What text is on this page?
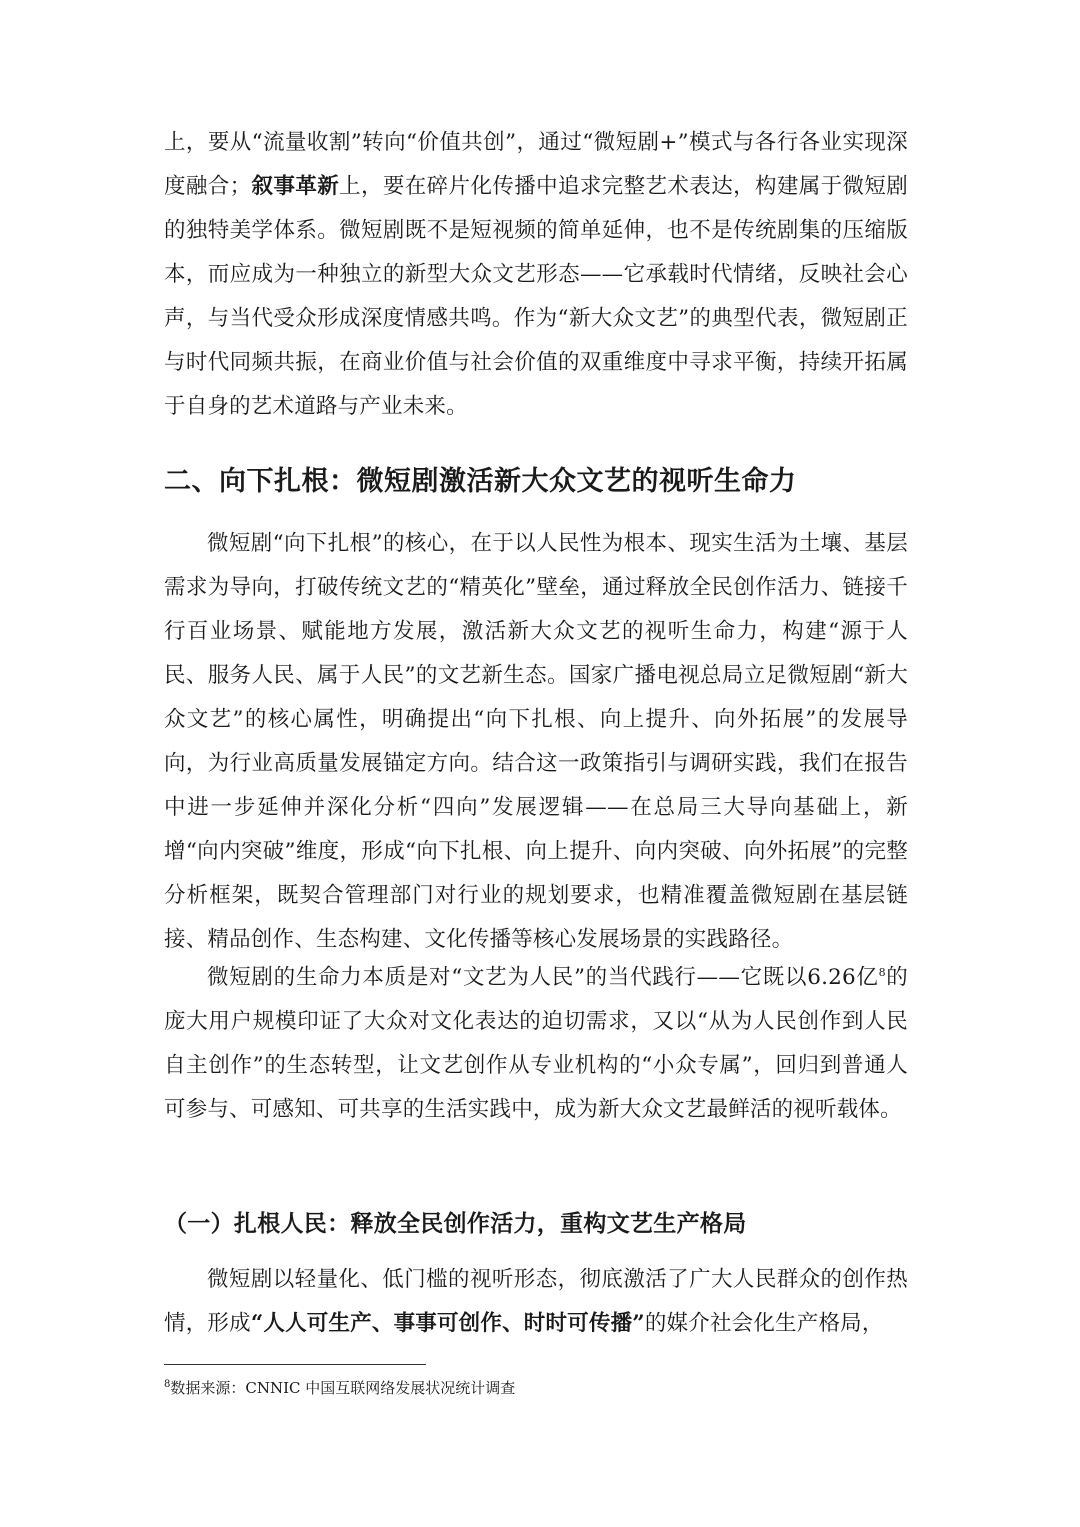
上，要从“流量收割”转向“价值共创”，通过“微短剧+”模式与各行各业实现深度融合；叙事革新上，要在碎片化传播中追求完整艺术表达，构建属于微短剧的独特美学体系。微短剧既不是短视频的简单延伸，也不是传统剧集的压缩版本，而应成为一种独立的新型大众文艺形态——它承载时代情绪，反映社会心声，与当代受众形成深度情感共鸣。作为“新大众文艺”的典型代表，微短剧正与时代同频共振，在商业价值与社会价值的双重维度中寻求平衡，持续开拓属于自身的艺术道路与产业未来。

二、向下扎根：微短剧激活新大众文艺的视听生命力

微短剧“向下扎根”的核心，在于以人民性为根本、现实生活为土壤、基层需求为导向，打破传统文艺的“精英化”壁垒，通过释放全民创作活力、链接千行百业场景、赋能地方发展，激活新大众文艺的视听生命力，构建“源于人民、服务人民、属于人民”的文艺新生态。国家广播电视总局立足微短剧“新大众文艺”的核心属性，明确提出“向下扎根、向上提升、向外拓展”的发展导向，为行业高质量发展锚定方向。结合这一政策指引与调研实践，我们在报告中进一步延伸并深化分析“四向”发展逻辑——在总局三大导向基础上，新增“向内突破”维度，形成“向下扎根、向上提升、向内突破、向外拓展”的完整分析框架，既契合管理部门对行业的规划要求，也精准覆盖微短剧在基层链接、精品创作、生态构建、文化传播等核心发展场景的实践路径。

微短剧的生命力本质是对“文艺为人民”的当代践行——它既以6.26亿$^8$的庞大用户规模印证了大众对文化表达的迫切需求，又以“从为人民创作到人民自主创作”的生态转型，让文艺创作从专业机构的“小众专属”，回归到普通人可参与、可感知、可共享的生活实践中，成为新大众文艺最鲜活的视听载体。

（一）扎根人民：释放全民创作活力，重构文艺生产格局

微短剧以轻量化、低门槛的视听形态，彻底激活了广大人民群众的创作热情，形成“人人可生产、事事可创作、时时可传播”的媒介社会化生产格局，

$^8$数据来源：CNNIC 中国互联网络发展状况统计调查
